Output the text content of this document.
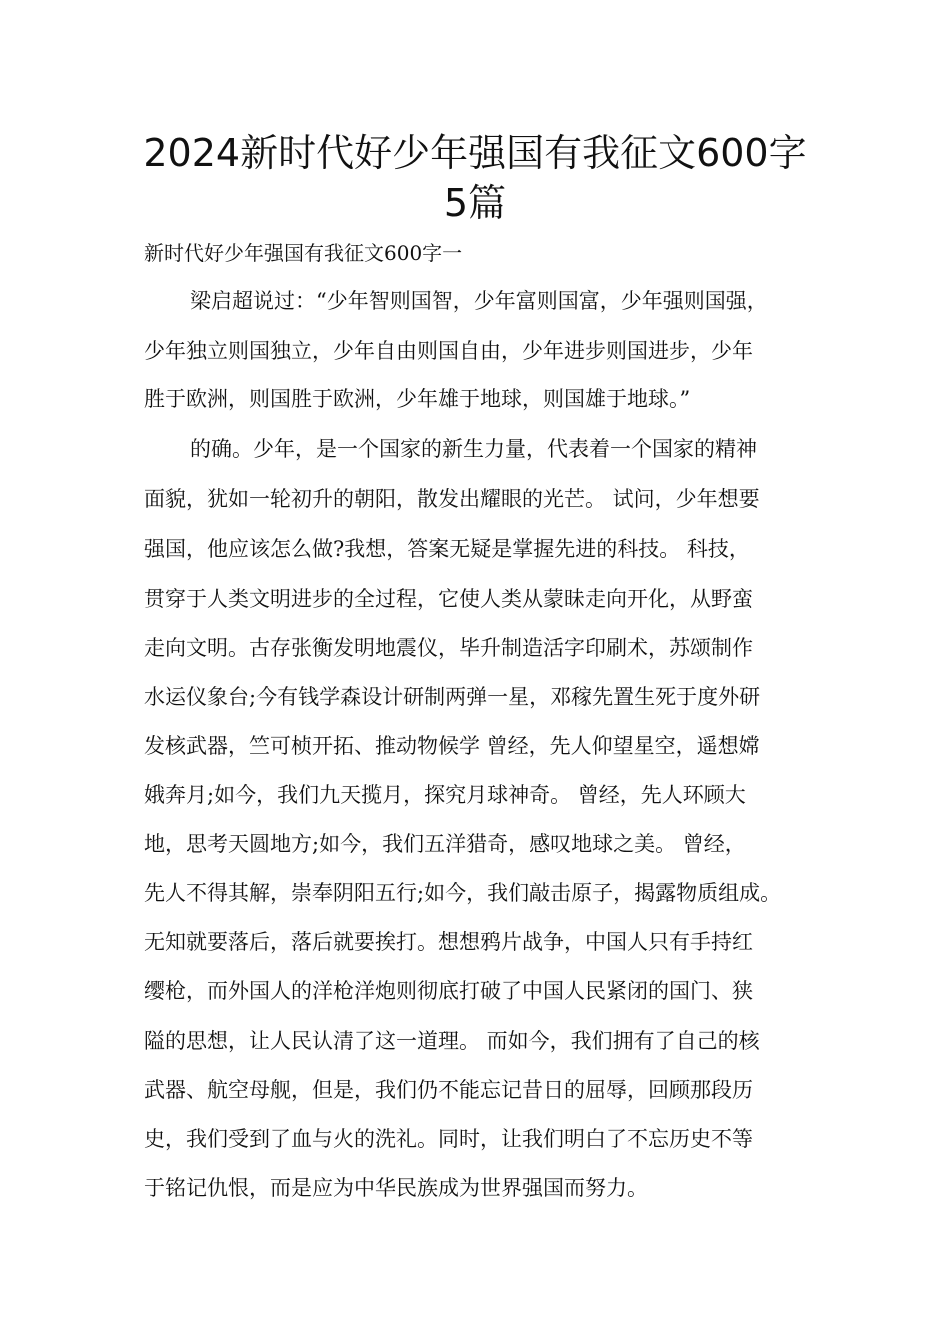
2024新时代好少年强国有我征文600字
5篇
新时代好少年强国有我征文600字一
梁启超说过：“少年智则国智，少年富则国富，少年强则国强，
少年独立则国独立，少年自由则国自由，少年进步则国进步，少年
胜于欧洲，则国胜于欧洲，少年雄于地球，则国雄于地球。”
的确。少年，是一个国家的新生力量，代表着一个国家的精神
面貌，犹如一轮初升的朝阳，散发出耀眼的光芒。 试问，少年想要
强国，他应该怎么做?我想，答案无疑是掌握先进的科技。 科技，
贯穿于人类文明进步的全过程，它使人类从蒙昧走向开化，从野蛮
走向文明。古存张衡发明地震仪，毕升制造活字印刷术，苏颂制作
水运仪象台;今有钱学森设计研制两弹一星，邓稼先置生死于度外研
发核武器，竺可桢开拓、推动物候学 曾经，先人仰望星空，遥想嫦
娥奔月;如今，我们九天揽月，探究月球神奇。 曾经，先人环顾大
地，思考天圆地方;如今，我们五洋猎奇，感叹地球之美。 曾经，
先人不得其解，崇奉阴阳五行;如今，我们敲击原子，揭露物质组成。
无知就要落后，落后就要挨打。想想鸦片战争，中国人只有手持红
缨枪，而外国人的洋枪洋炮则彻底打破了中国人民紧闭的国门、狭
隘的思想，让人民认清了这一道理。 而如今，我们拥有了自己的核
武器、航空母舰，但是，我们仍不能忘记昔日的屈辱，回顾那段历
史，我们受到了血与火的洗礼。同时，让我们明白了不忘历史不等
于铭记仇恨，而是应为中华民族成为世界强国而努力。
